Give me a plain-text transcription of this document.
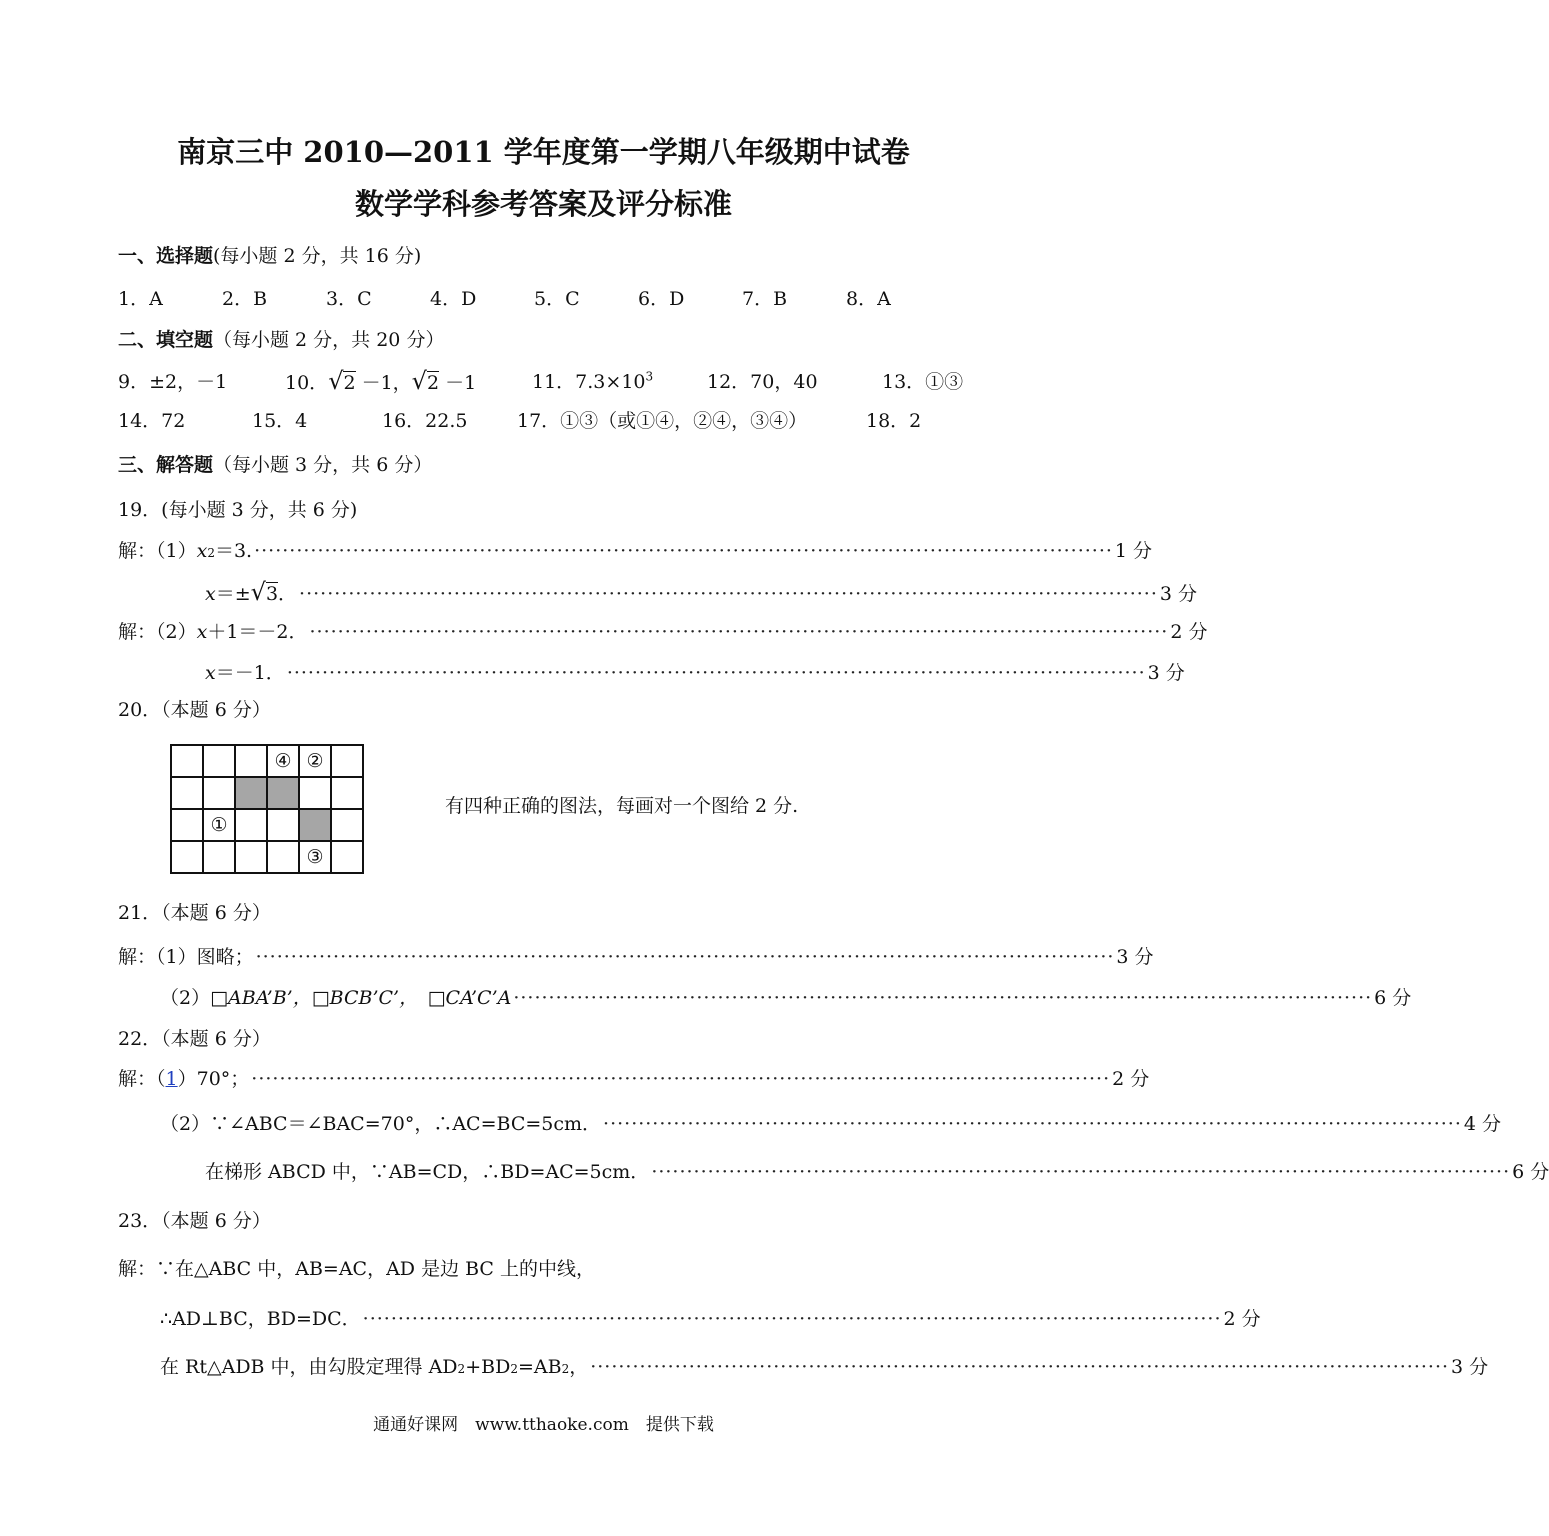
南京三中 2010—2011 学年度第一学期八年级期中试卷
数学学科参考答案及评分标准
一、选择题(每小题 2 分，共 16 分)
1．A	2．B	3．C	4．D	5．C	6．D	7．B	8．A
二、填空题（每小题 2 分，共 20 分）
9．±2，－1	10．√2 －1，√2 －1	11．$7.3\times 10^3$	12．70，40	13．①③
14．72	15．4	16．22.5	17．①③（或①④，②④，③④）	18．2
三、解答题（每小题 3 分，共 6 分）
19．(每小题 3 分，共 6 分)
解：（1） x 2 ＝3. ·························································································································· 1 分
x ＝± √ 3 ． ·························································································································· 3 分
解：（2） x ＋1＝－2． ·························································································································· 2 分
x ＝－1． ·························································································································· 3 分
20．（本题 6 分）
			④	②	

	①				
				③	
有四种正确的图法，每画对一个图给 2 分.
21．（本题 6 分）
解：（1）图略； ·························································································································· 3 分
（2） □ABA’B’，□BCB’C’，　□CA’C’A ·························································································································· 6 分
22．（本题 6 分）
解：（ 1 ）70°； ·························································································································· 2 分
（2）∵∠ABC＝∠BAC=70°，∴AC=BC=5cm． ·························································································································· 4 分
在梯形 ABCD 中，∵AB=CD，∴BD=AC=5cm． ·························································································································· 6 分
23．（本题 6 分）
解：∵在△ABC 中，AB=AC，AD 是边 BC 上的中线，
∴AD⊥BC，BD=DC． ·························································································································· 2 分
在 Rt△ADB 中，由勾股定理得 AD 2 +BD 2 =AB 2 ， ·························································································································· 3 分
通通好课网　www.tthaoke.com　提供下载
